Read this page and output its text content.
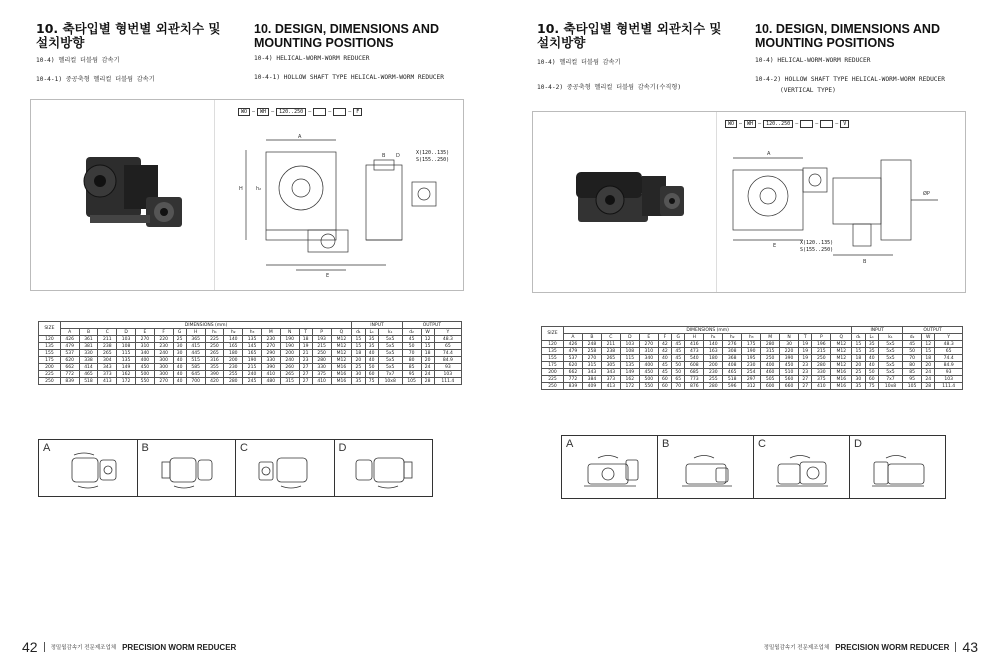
10. 축타입별 형번별 외관치수 및
설치방향
10. DESIGN, DIMENSIONS AND
MOUNTING POSITIONS
10-4) 헬리컬 더블웜 감속기
10-4-1) 중공축형 헬리컬 더블웜 감속기
10-4) HELICAL-WORM-WORM REDUCER
10-4-1) HOLLOW SHAFT TYPE HELICAL-WORM-WORM REDUCER
WO	–	WH	–	120..250	–
	–
	–	F
X(120..135)
S(155..250)
A
h₂
H
B D
E
SIZE	DIMENSIONS (mm)																INPUT			OUTPUT		
	A	B	C	D	E	F	G	H	h₁	h₂	h₃	M	N	T	P	Q	d₁	L₁	k₁	d₂	W	Y
120	426	361	211	103	270	220	25	365	225	140	135	230	190	18	193	M12	15	35	5x5	45	12	48.3
135	479	381	238	108	310	230	30	415	250	165	145	270	190	19	215	M12	15	35	5x5	50	15	65
155	537	330	265	115	340	240	30	445	265	180	165	290	200	21	250	M12	18	40	5x5	70	18	74.4
175	620	338	304	135	400	300	40	515	316	200	190	330	240	23	280	M12	20	40	5x5	80	20	84.9
200	662	414	343	149	450	300	40	585	355	230	215	390	260	27	330	M16	25	50	5x5	85	24	93
225	772	465	373	162	500	300	40	645	390	255	240	410	265	27	375	M16	30	60	7x7	95	24	103
250	839	518	413	172	550	270	40	700	420	280	245	480	315	27	410	M16	35	75	10x8	105	28	111.4
A	B	C	D
42 정밀웜감속기 전문제조업체 PRECISION WORM REDUCER
10. 축타입별 형번별 외관치수 및
설치방향
10. DESIGN, DIMENSIONS AND
MOUNTING POSITIONS
10-4) 헬리컬 더블웜 감속기
10-4-2) 중공축형 헬리컬 더블웜 감속기(수직형)
10-4) HELICAL-WORM-WORM REDUCER
10-4-2) HOLLOW SHAFT TYPE HELICAL-WORM-WORM REDUCER
(VERTICAL TYPE)
WO	–	WH	–	120..250	–
	–
	–	V
X(120..135)
S(155..250)
A
E
B
ØP
SIZE	DIMENSIONS (mm)																INPUT			OUTPUT		
	A	B	C	D	E	F	G	H	h₁	h₂	h₃	M	N	T	P	Q	d₁	L₁	k₁	d₂	W	Y
120	426	248	211	103	270	42	45	416	140	276	175	280	30	19	196	M12	15	35	5x5	45	12	48.3
135	479	258	238	108	310	42	45	473	163	308	190	315	220	19	215	M12	15	35	5x5	50	15	65
155	537	270	265	115	340	40	45	540	180	368	195	250	390	19	250	M12	18	40	5x5	70	18	74.4
175	620	315	305	135	400	45	50	608	200	408	230	400	450	23	280	M12	20	40	5x5	80	20	84.9
200	662	343	343	149	450	45	50	685	230	465	254	460	510	23	330	M16	25	50	5x5	85	24	93
225	772	384	373	162	500	60	65	773	255	518	297	505	560	27	375	M16	30	60	7x7	95	24	103
250	839	409	413	172	550	60	70	876	280	596	312	600	660	27	410	M16	35	75	10x8	105	28	111.4
A	B	C	D
정밀웜감속기 전문제조업체 PRECISION WORM REDUCER 43
